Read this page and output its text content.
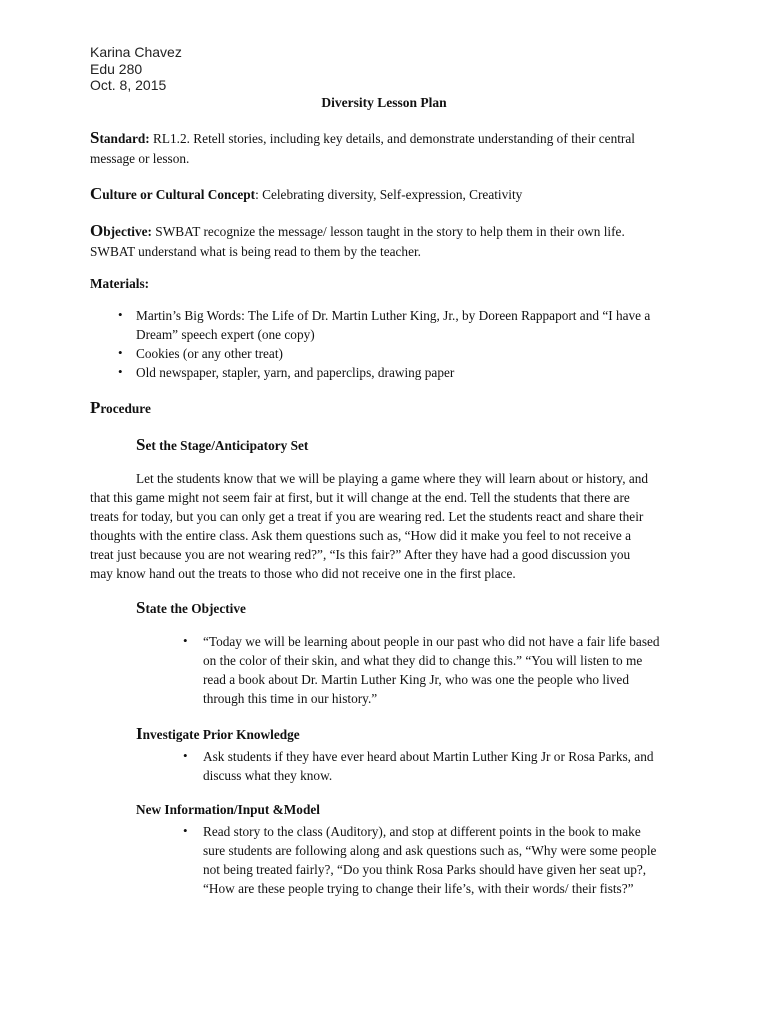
Karina Chavez
Edu 280
Oct. 8, 2015
Diversity Lesson Plan
Standard: RL1.2. Retell stories, including key details, and demonstrate understanding of their central
message or lesson.
Culture or Cultural Concept: Celebrating diversity, Self-expression, Creativity
Objective: SWBAT recognize the message/ lesson taught in the story to help them in their own life.
SWBAT understand what is being read to them by the teacher.
Materials:
• Martin’s Big Words: The Life of Dr. Martin Luther King, Jr., by Doreen Rappaport and “I have a
Dream” speech expert (one copy)
• Cookies (or any other treat)
• Old newspaper, stapler, yarn, and paperclips, drawing paper
Procedure
Set the Stage/Anticipatory Set
Let the students know that we will be playing a game where they will learn about or history, and
that this game might not seem fair at first, but it will change at the end. Tell the students that there are
treats for today, but you can only get a treat if you are wearing red. Let the students react and share their
thoughts with the entire class. Ask them questions such as, “How did it make you feel to not receive a
treat just because you are not wearing red?”, “Is this fair?” After they have had a good discussion you
may know hand out the treats to those who did not receive one in the first place.
State the Objective
• “Today we will be learning about people in our past who did not have a fair life based
on the color of their skin, and what they did to change this.” “You will listen to me
read a book about Dr. Martin Luther King Jr, who was one the people who lived
through this time in our history.”
Investigate Prior Knowledge
• Ask students if they have ever heard about Martin Luther King Jr or Rosa Parks, and
discuss what they know.
New Information/Input &Model
• Read story to the class (Auditory), and stop at different points in the book to make
sure students are following along and ask questions such as, “Why were some people
not being treated fairly?, “Do you think Rosa Parks should have given her seat up?,
“How are these people trying to change their life’s, with their words/ their fists?”
